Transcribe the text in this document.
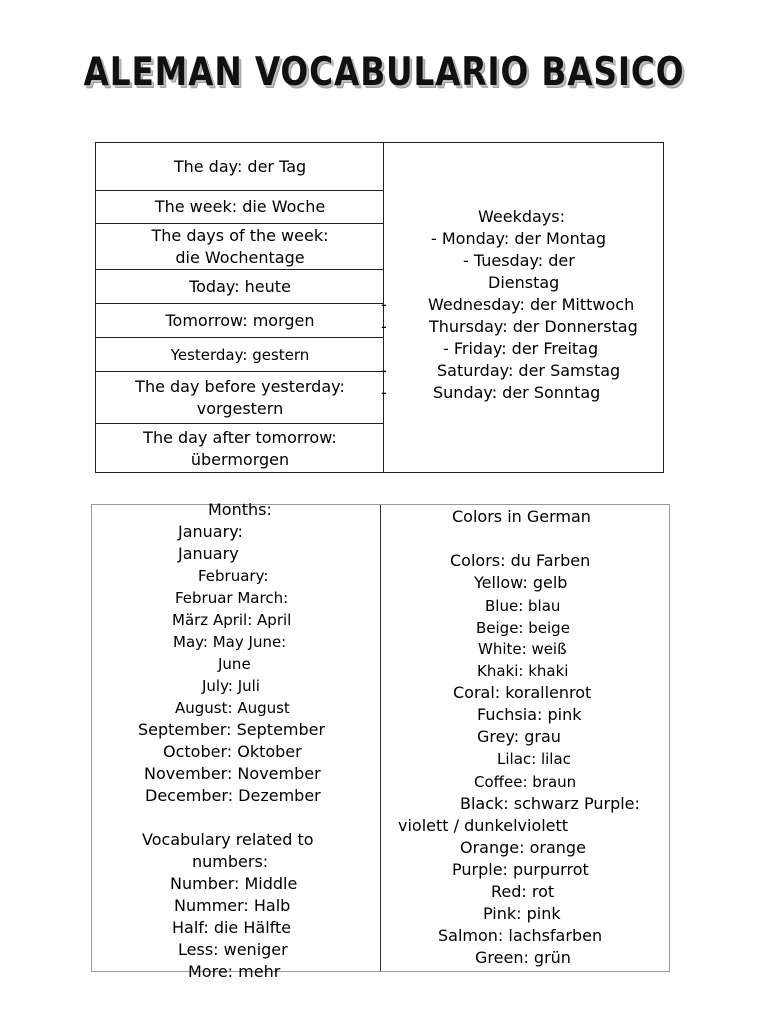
ALEMAN VOCABULARIO BASICO
The day: der Tag
The week: die Woche
The days of the week:
die Wochentage
Today: heute
Tomorrow: morgen
Yesterday: gestern
The day before yesterday:
vorgestern
The day after tomorrow:
übermorgen
Weekdays:
- Monday: der Montag
- Tuesday: der
Dienstag
-	Wednesday: der Mittwoch
-	Thursday: der Donnerstag
- Friday: der Freitag
-	Saturday: der Samstag
-	Sunday: der Sonntag
Months:
January:
January
February:
Februar March:
März April: April
May: May June:
June
July: Juli
August: August
September: September
October: Oktober
November: November
December: Dezember
Vocabulary related to
numbers:
Number: Middle
Nummer: Halb
Half: die Hälfte
Less: weniger
More: mehr
Colors in German
Colors: du Farben
Yellow: gelb
Blue: blau
Beige: beige
White: weiß
Khaki: khaki
Coral: korallenrot
Fuchsia: pink
Grey: grau
Lilac: lilac
Coffee: braun
Black: schwarz Purple:
violett / dunkelviolett
Orange: orange
Purple: purpurrot
Red: rot
Pink: pink
Salmon: lachsfarben
Green: grün
